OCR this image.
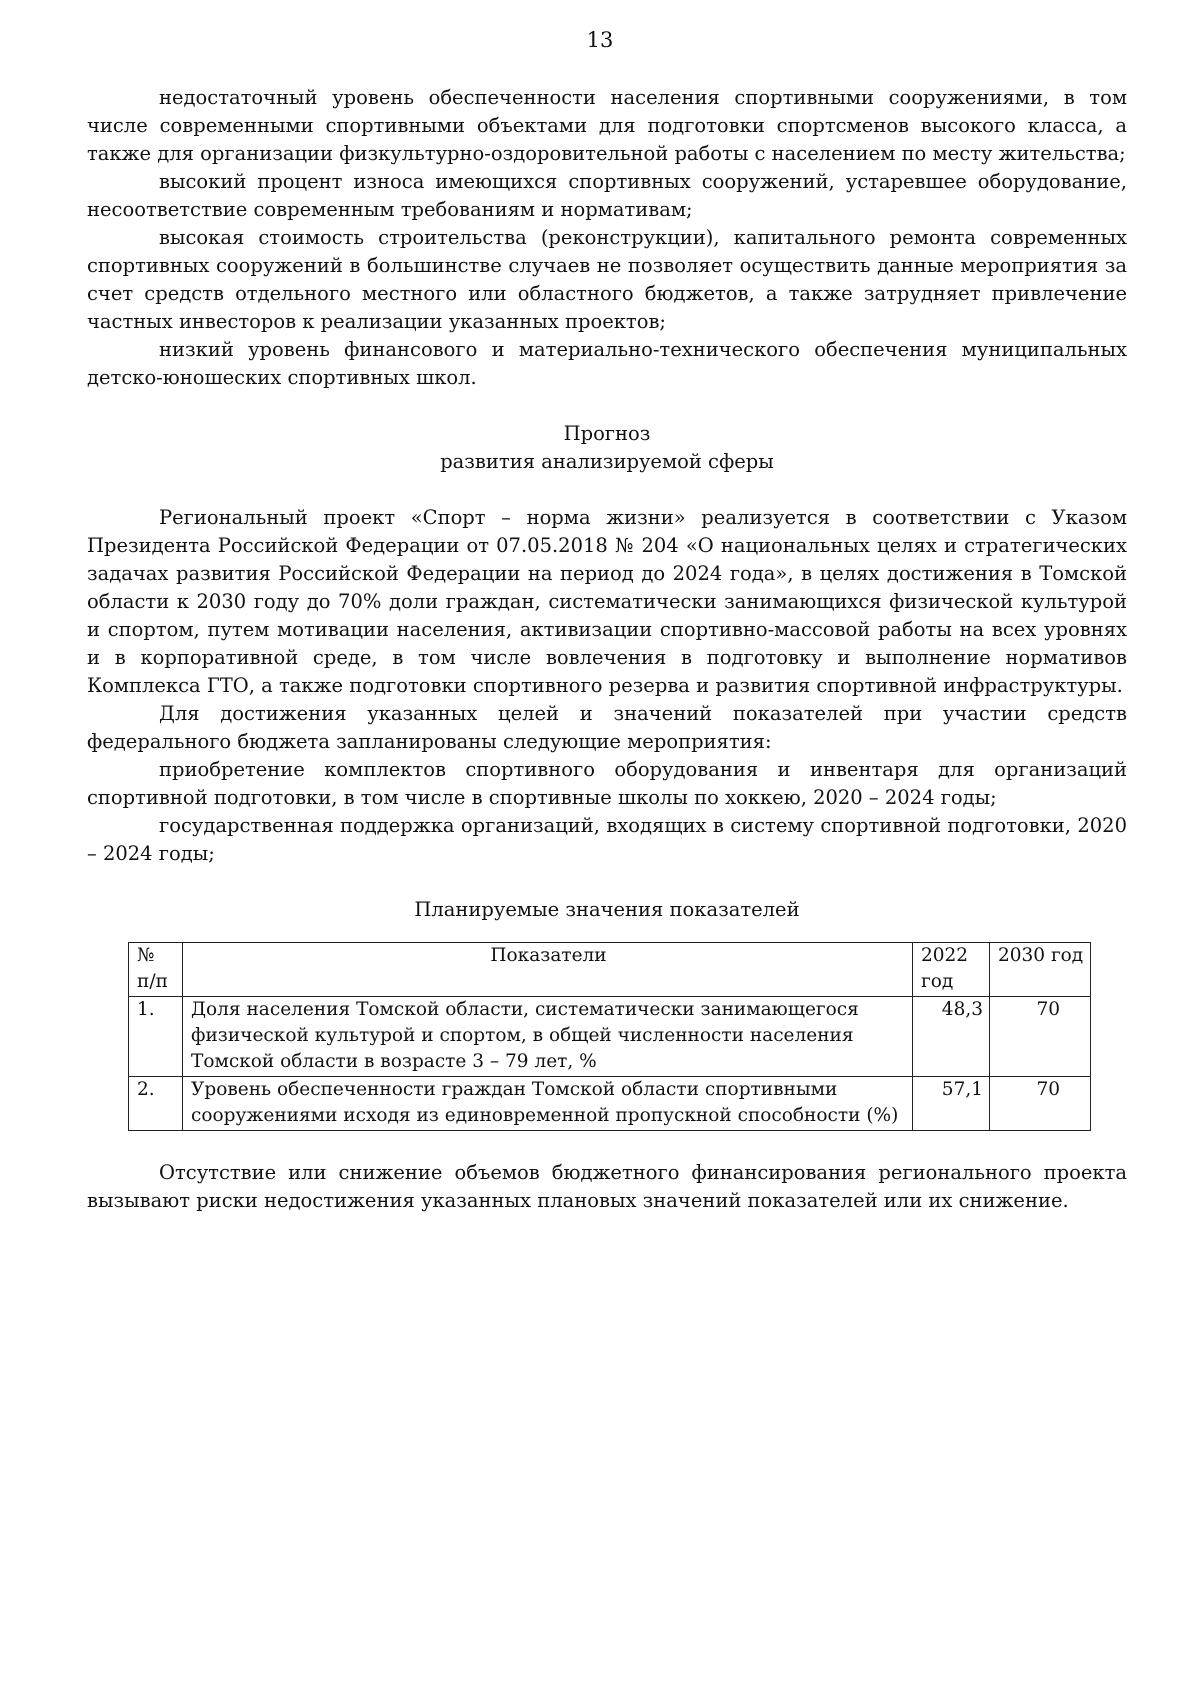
13

недостаточный уровень обеспеченности населения спортивными сооружениями, в том числе современными спортивными объектами для подготовки спортсменов высокого класса, а также для организации физкультурно-оздоровительной работы с населением по месту жительства;

высокий процент износа имеющихся спортивных сооружений, устаревшее оборудование, несоответствие современным требованиям и нормативам;

высокая стоимость строительства (реконструкции), капитального ремонта современных спортивных сооружений в большинстве случаев не позволяет осуществить данные мероприятия за счет средств отдельного местного или областного бюджетов, а также затрудняет привлечение частных инвесторов к реализации указанных проектов;

низкий уровень финансового и материально-технического обеспечения муниципальных детско-юношеских спортивных школ.

Прогноз
развития анализируемой сферы

Региональный проект «Спорт – норма жизни» реализуется в соответствии с Указом Президента Российской Федерации от 07.05.2018 № 204 «О национальных целях и стратегических задачах развития Российской Федерации на период до 2024 года», в целях достижения в Томской области к 2030 году до 70% доли граждан, систематически занимающихся физической культурой и спортом, путем мотивации населения, активизации спортивно-массовой работы на всех уровнях и в корпоративной среде, в том числе вовлечения в подготовку и выполнение нормативов Комплекса ГТО, а также подготовки спортивного резерва и развития спортивной инфраструктуры.

Для достижения указанных целей и значений показателей при участии средств федерального бюджета запланированы следующие мероприятия:

приобретение комплектов спортивного оборудования и инвентаря для организаций спортивной подготовки, в том числе в спортивные школы по хоккею, 2020 – 2024 годы;

государственная поддержка организаций, входящих в систему спортивной подготовки, 2020 – 2024 годы;

Планируемые значения показателей
№ п/п	Показатели	2022 год	2030 год
1.	Доля населения Томской области, систематически занимающегося физической культурой и спортом, в общей численности населения Томской области в возрасте 3 – 79 лет, %	48,3	70
2.	Уровень обеспеченности граждан Томской области спортивными сооружениями исходя из единовременной пропускной способности (%)	57,1	70

Отсутствие или снижение объемов бюджетного финансирования регионального проекта вызывают риски недостижения указанных плановых значений показателей или их снижение.
